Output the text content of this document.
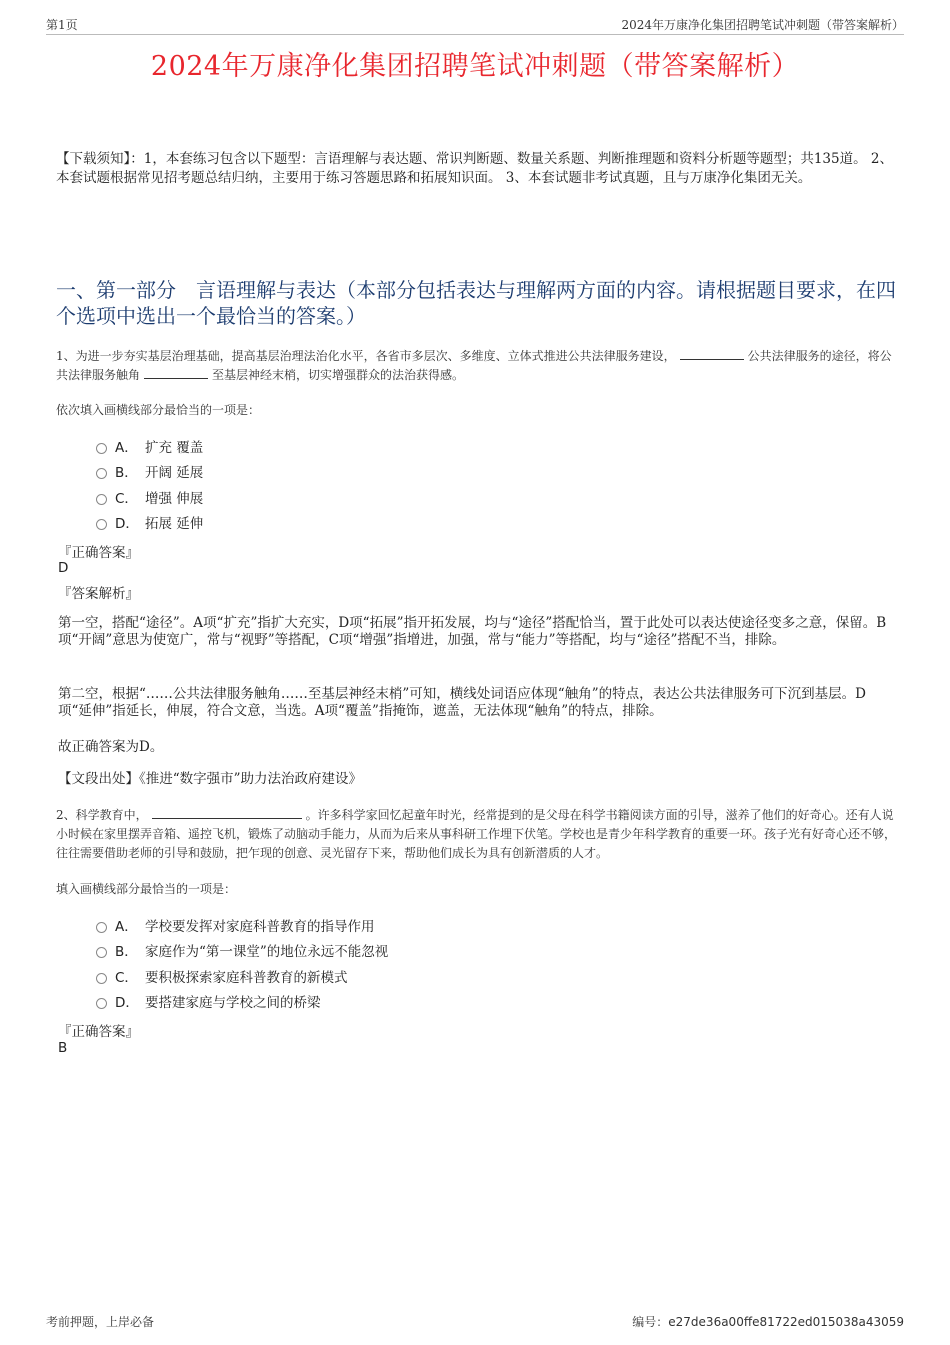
第1页	2024年万康净化集团招聘笔试冲刺题（带答案解析）
2024年万康净化集团招聘笔试冲刺题（带答案解析）
【下载须知】：1，本套练习包含以下题型：言语理解与表达题、常识判断题、数量关系题、判断推理题和资料分析题等题型；共135道。 2、本套试题根据常见招考题总结归纳，主要用于练习答题思路和拓展知识面。 3、本套试题非考试真题，且与万康净化集团无关。
一、第一部分　言语理解与表达（本部分包括表达与理解两方面的内容。请根据题目要求，在四个选项中选出一个最恰当的答案。）
1、为进一步夯实基层治理基础，提高基层治理法治化水平，各省市多层次、多维度、立体式推进公共法律服务建设，	公共法律服务的途径，将公共法律服务触角	至基层神经末梢，切实增强群众的法治获得感。
依次填入画横线部分最恰当的一项是：
A． 扩充 覆盖
B． 开阔 延展
C． 增强 伸展
D． 拓展 延伸
『正确答案』
D
『答案解析』
第一空，搭配“途径”。A项“扩充”指扩大充实，D项“拓展”指开拓发展，均与“途径”搭配恰当，置于此处可以表达使途径变多之意，保留。B项“开阔”意思为使宽广，常与“视野”等搭配，C项“增强”指增进，加强，常与“能力”等搭配，均与“途径”搭配不当，排除。
第二空，根据“……公共法律服务触角……至基层神经末梢”可知，横线处词语应体现“触角”的特点，表达公共法律服务可下沉到基层。D项“延伸”指延长，伸展，符合文意，当选。A项“覆盖”指掩饰，遮盖，无法体现“触角”的特点，排除。
故正确答案为D。
【文段出处】《推进“数字强市”助力法治政府建设》
2、科学教育中，	。许多科学家回忆起童年时光，经常提到的是父母在科学书籍阅读方面的引导，滋养了他们的好奇心。还有人说小时候在家里摆弄音箱、遥控飞机，锻炼了动脑动手能力，从而为后来从事科研工作埋下伏笔。学校也是青少年科学教育的重要一环。孩子光有好奇心还不够，往往需要借助老师的引导和鼓励，把乍现的创意、灵光留存下来，帮助他们成长为具有创新潜质的人才。
填入画横线部分最恰当的一项是：
A． 学校要发挥对家庭科普教育的指导作用
B． 家庭作为“第一课堂”的地位永远不能忽视
C． 要积极探索家庭科普教育的新模式
D． 要搭建家庭与学校之间的桥梁
『正确答案』
B
考前押题，上岸必备	编号：e27de36a00ffe81722ed015038a43059
